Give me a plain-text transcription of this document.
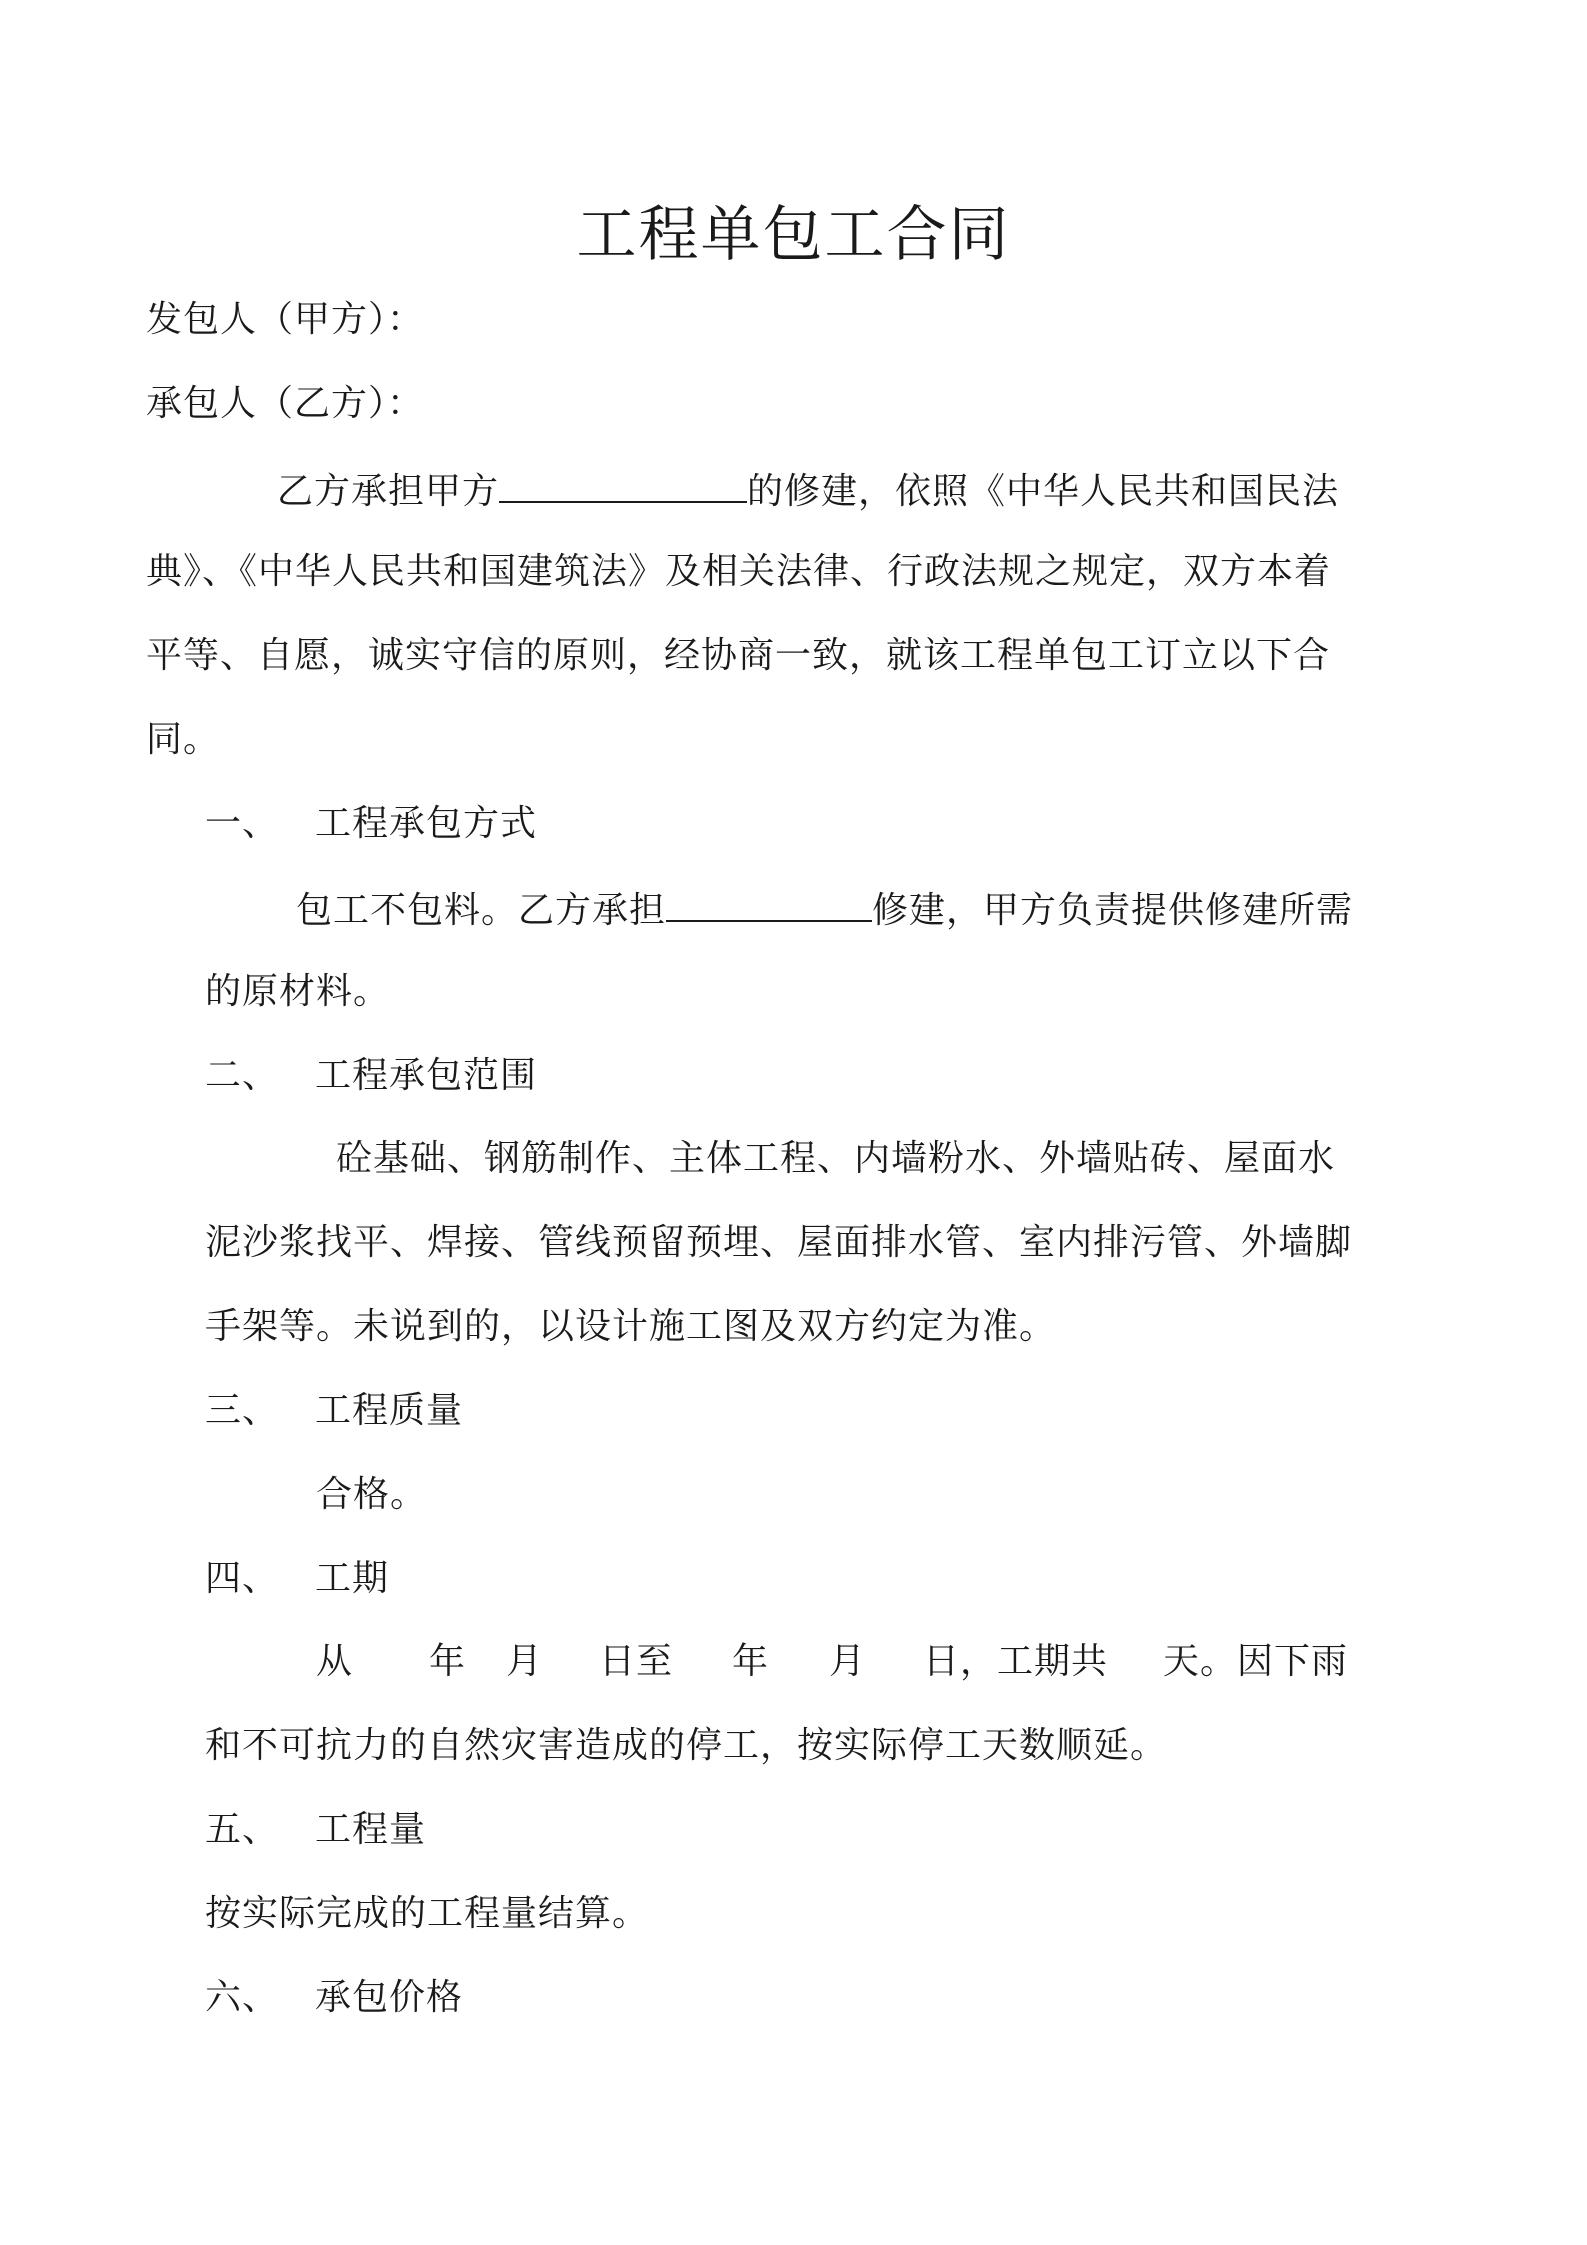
工程单包工合同
发包人（甲方）：
承包人（乙方）：
乙方承担甲方	的修建，依照《中华人民共和国民法
典》、《中华人民共和国建筑法》及相关法律、行政法规之规定，双方本着
平等、自愿，诚实守信的原则，经协商一致，就该工程单包工订立以下合
同。
一、 工程承包方式
包工不包料。乙方承担	修建，甲方负责提供修建所需
的原材料。
二、 工程承包范围
砼基础、钢筋制作、主体工程、内墙粉水、外墙贴砖、屋面水
泥沙浆找平、焊接、管线预留预埋、屋面排水管、室内排污管、外墙脚
手架等。未说到的，以设计施工图及双方约定为准。
三、 工程质量
合格。
四、 工期
从 年 月 日至 年 月 日，工期共 天。因下雨
和不可抗力的自然灾害造成的停工，按实际停工天数顺延。
五、 工程量
按实际完成的工程量结算。
六、 承包价格
